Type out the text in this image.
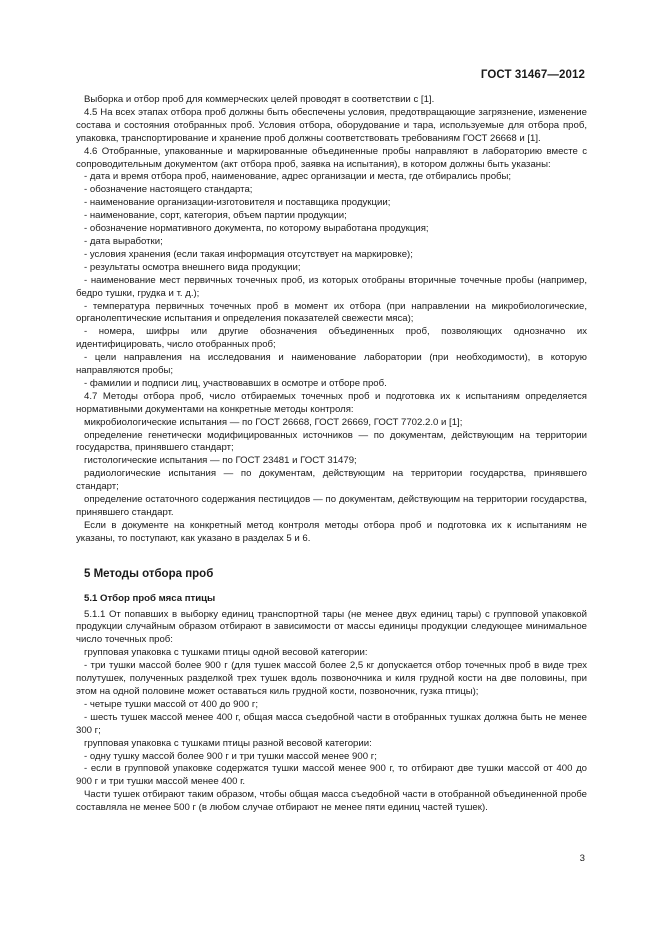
ГОСТ 31467—2012

Выборка и отбор проб для коммерческих целей проводят в соответствии с [1].

4.5 На всех этапах отбора проб должны быть обеспечены условия, предотвращающие загрязнение, изменение состава и состояния отобранных проб. Условия отбора, оборудование и тара, используемые для отбора проб, упаковка, транспортирование и хранение проб должны соответствовать требованиям ГОСТ 26668 и [1].

4.6 Отобранные, упакованные и маркированные объединенные пробы направляют в лабораторию вместе с сопроводительным документом (акт отбора проб, заявка на испытания), в котором должны быть указаны:

- дата и время отбора проб, наименование, адрес организации и места, где отбирались пробы;

- обозначение настоящего стандарта;

- наименование организации-изготовителя и поставщика продукции;

- наименование, сорт, категория, объем партии продукции;

- обозначение нормативного документа, по которому выработана продукция;

- дата выработки;

- условия хранения (если такая информация отсутствует на маркировке);

- результаты осмотра внешнего вида продукции;

- наименование мест первичных точечных проб, из которых отобраны вторичные точечные пробы (например, бедро тушки, грудка и т. д.);

- температура первичных точечных проб в момент их отбора (при направлении на микробиологические, органолептические испытания и определения показателей свежести мяса);

- номера, шифры или другие обозначения объединенных проб, позволяющих однозначно их идентифицировать, число отобранных проб;

- цели направления на исследования и наименование лаборатории (при необходимости), в которую направляются пробы;

- фамилии и подписи лиц, участвовавших в осмотре и отборе проб.

4.7 Методы отбора проб, число отбираемых точечных проб и подготовка их к испытаниям определяется нормативными документами на конкретные методы контроля:

микробиологические испытания — по ГОСТ 26668, ГОСТ 26669, ГОСТ 7702.2.0 и [1];

определение генетически модифицированных источников — по документам, действующим на территории государства, принявшего стандарт;

гистологические испытания — по ГОСТ 23481 и ГОСТ 31479;

радиологические испытания — по документам, действующим на территории государства, принявшего стандарт;

определение остаточного содержания пестицидов — по документам, действующим на территории государства, принявшего стандарт.

Если в документе на конкретный метод контроля методы отбора проб и подготовка их к испытаниям не указаны, то поступают, как указано в разделах 5 и 6.

5 Методы отбора проб
5.1 Отбор проб мяса птицы

5.1.1 От попавших в выборку единиц транспортной тары (не менее двух единиц тары) с групповой упаковкой продукции случайным образом отбирают в зависимости от массы единицы продукции следующее минимальное число точечных проб:

групповая упаковка с тушками птицы одной весовой категории:

- три тушки массой более 900 г (для тушек массой более 2,5 кг допускается отбор точечных проб в виде трех полутушек, полученных разделкой трех тушек вдоль позвоночника и киля грудной кости на две половины, при этом на одной половине может оставаться киль грудной кости, позвоночник, гузка птицы);

- четыре тушки массой от 400 до 900 г;

- шесть тушек массой менее 400 г, общая масса съедобной части в отобранных тушках должна быть не менее 300 г;

групповая упаковка с тушками птицы разной весовой категории:

- одну тушку массой более 900 г и три тушки массой менее 900 г;

- если в групповой упаковке содержатся тушки массой менее 900 г, то отбирают две тушки массой от 400 до 900 г и три тушки массой менее 400 г.

Части тушек отбирают таким образом, чтобы общая масса съедобной части в отобранной объединенной пробе составляла не менее 500 г (в любом случае отбирают не менее пяти единиц частей тушек).

3
